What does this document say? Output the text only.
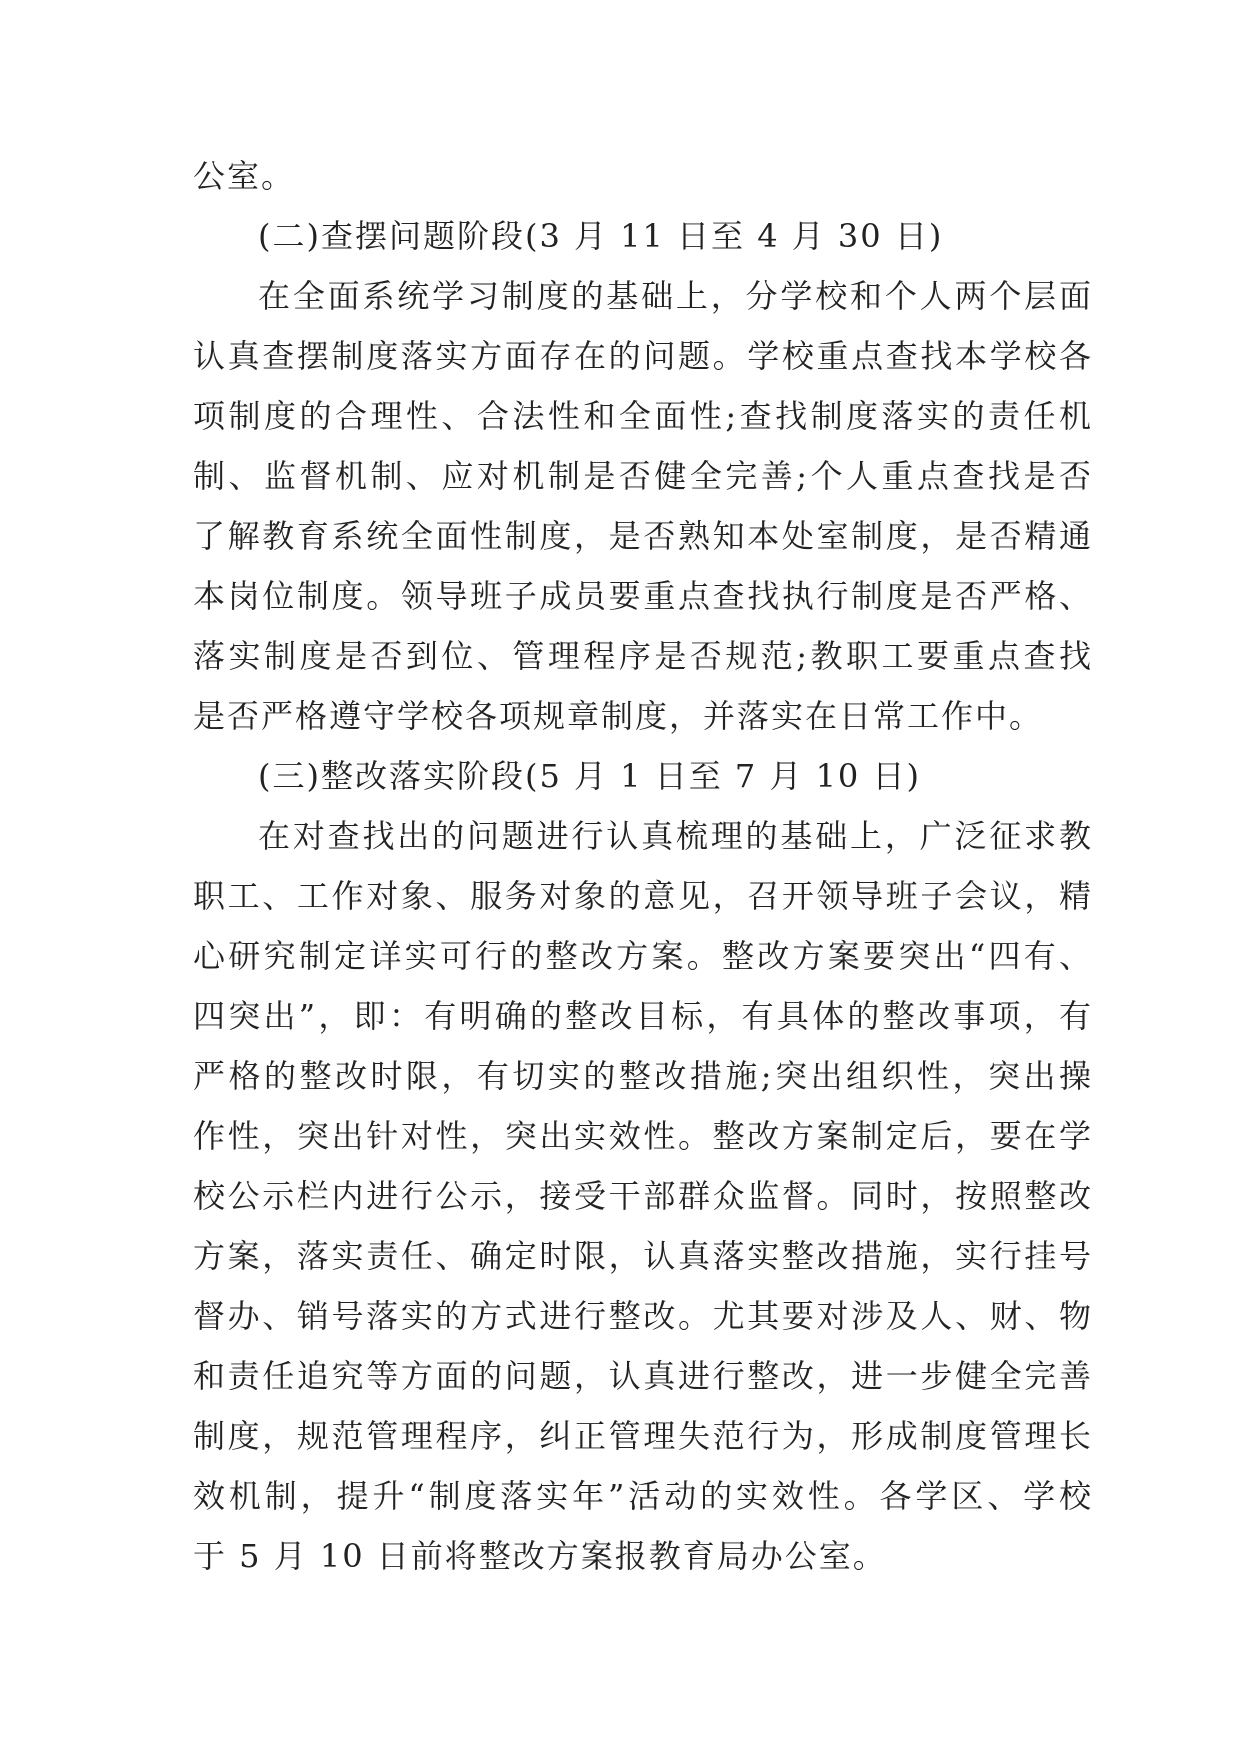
公室。
(二)查摆问题阶段(3 月 11 日至 4 月 30 日)
在全面系统学习制度的基础上，分学校和个人两个层面
认真查摆制度落实方面存在的问题。学校重点查找本学校各
项制度的合理性、合法性和全面性;查找制度落实的责任机
制、监督机制、应对机制是否健全完善;个人重点查找是否
了解教育系统全面性制度，是否熟知本处室制度，是否精通
本岗位制度。领导班子成员要重点查找执行制度是否严格、
落实制度是否到位、管理程序是否规范;教职工要重点查找
是否严格遵守学校各项规章制度，并落实在日常工作中。
(三)整改落实阶段(5 月 1 日至 7 月 10 日)
在对查找出的问题进行认真梳理的基础上，广泛征求教
职工、工作对象、服务对象的意见，召开领导班子会议，精
心研究制定详实可行的整改方案。整改方案要突出“四有、
四突出”，即：有明确的整改目标，有具体的整改事项，有
严格的整改时限，有切实的整改措施;突出组织性，突出操
作性，突出针对性，突出实效性。整改方案制定后，要在学
校公示栏内进行公示，接受干部群众监督。同时，按照整改
方案，落实责任、确定时限，认真落实整改措施，实行挂号
督办、销号落实的方式进行整改。尤其要对涉及人、财、物
和责任追究等方面的问题，认真进行整改，进一步健全完善
制度，规范管理程序，纠正管理失范行为，形成制度管理长
效机制，提升“制度落实年”活动的实效性。各学区、学校
于 5 月 10 日前将整改方案报教育局办公室。
